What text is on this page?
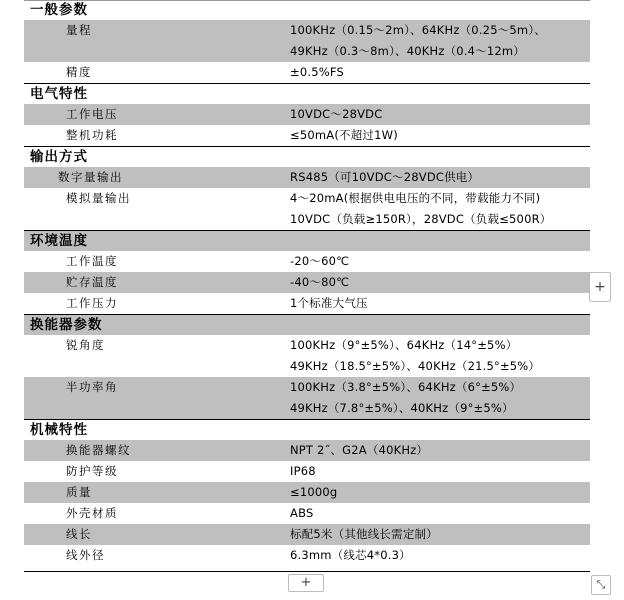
一般参数	
量程	100KHz（0.15～2m）、64KHz（0.25～5m）、
	49KHz（0.3～8m）、40KHz（0.4～12m）
精度	±0.5%FS
电气特性	
工作电压	10VDC～28VDC
整机功耗	≤50mA(不超过1W)
输出方式	
数字量输出	RS485（可10VDC～28VDC供电）
模拟量输出	4～20mA(根据供电电压的不同，带载能力不同)
	10VDC（负载≥150R），28VDC（负载≤500R）
环境温度	
工作温度	-20～60℃
贮存温度	-40～80℃
工作压力	1个标准大气压
换能器参数	
锐角度	100KHz（9°±5%）、64KHz（14°±5%）
	49KHz（18.5°±5%）、40KHz（21.5°±5%）
半功率角	100KHz（3.8°±5%）、64KHz（6°±5%）
	49KHz（7.8°±5%）、40KHz（9°±5%）
机械特性	
换能器螺纹	NPT 2˝、G2A（40KHz）
防护等级	IP68
质量	≤1000g
外壳材质	ABS
线长	标配5米（其他线长需定制）
线外径	6.3mm（线芯4*0.3）
+
+	⤡
